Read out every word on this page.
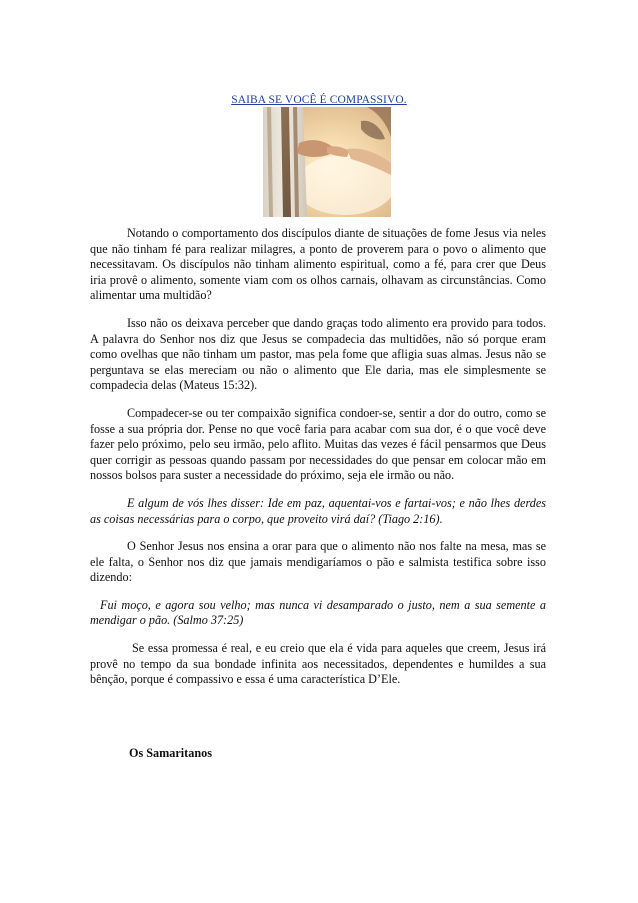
SAIBA SE VOCÊ É COMPASSIVO.

Notando o comportamento dos discípulos diante de situações de fome Jesus via neles que não tinham fé para realizar milagres, a ponto de proverem para o povo o alimento que necessitavam. Os discípulos não tinham alimento espiritual, como a fé, para crer que Deus iria provê o alimento, somente viam com os olhos carnais, olhavam as circunstâncias. Como alimentar uma multidão?

Isso não os deixava perceber que dando graças todo alimento era provido para todos. A palavra do Senhor nos diz que Jesus se compadecia das multidões, não só porque eram como ovelhas que não tinham um pastor, mas pela fome que afligia suas almas. Jesus não se perguntava se elas mereciam ou não o alimento que Ele daria, mas ele simplesmente se compadecia delas (Mateus 15:32).

Compadecer-se ou ter compaixão significa condoer-se, sentir a dor do outro, como se fosse a sua própria dor. Pense no que você faria para acabar com sua dor, é o que você deve fazer pelo próximo, pelo seu irmão, pelo aflito. Muitas das vezes é fácil pensarmos que Deus quer corrigir as pessoas quando passam por necessidades do que pensar em colocar mão em nossos bolsos para suster a necessidade do próximo, seja ele irmão ou não.

E algum de vós lhes disser: Ide em paz, aquentai-vos e fartai-vos; e não lhes derdes as coisas necessárias para o corpo, que proveito virá daí? (Tiago 2:16).

O Senhor Jesus nos ensina a orar para que o alimento não nos falte na mesa, mas se ele falta, o Senhor nos diz que jamais mendigaríamos o pão e salmista testifica sobre isso dizendo:

Fui moço, e agora sou velho; mas nunca vi desamparado o justo, nem a sua semente a mendigar o pão. (Salmo 37:25)

Se essa promessa é real, e eu creio que ela é vida para aqueles que creem, Jesus irá provê no tempo da sua bondade infinita aos necessitados, dependentes e humildes a sua bênção, porque é compassivo e essa é uma característica D’Ele.

Os Samaritanos
